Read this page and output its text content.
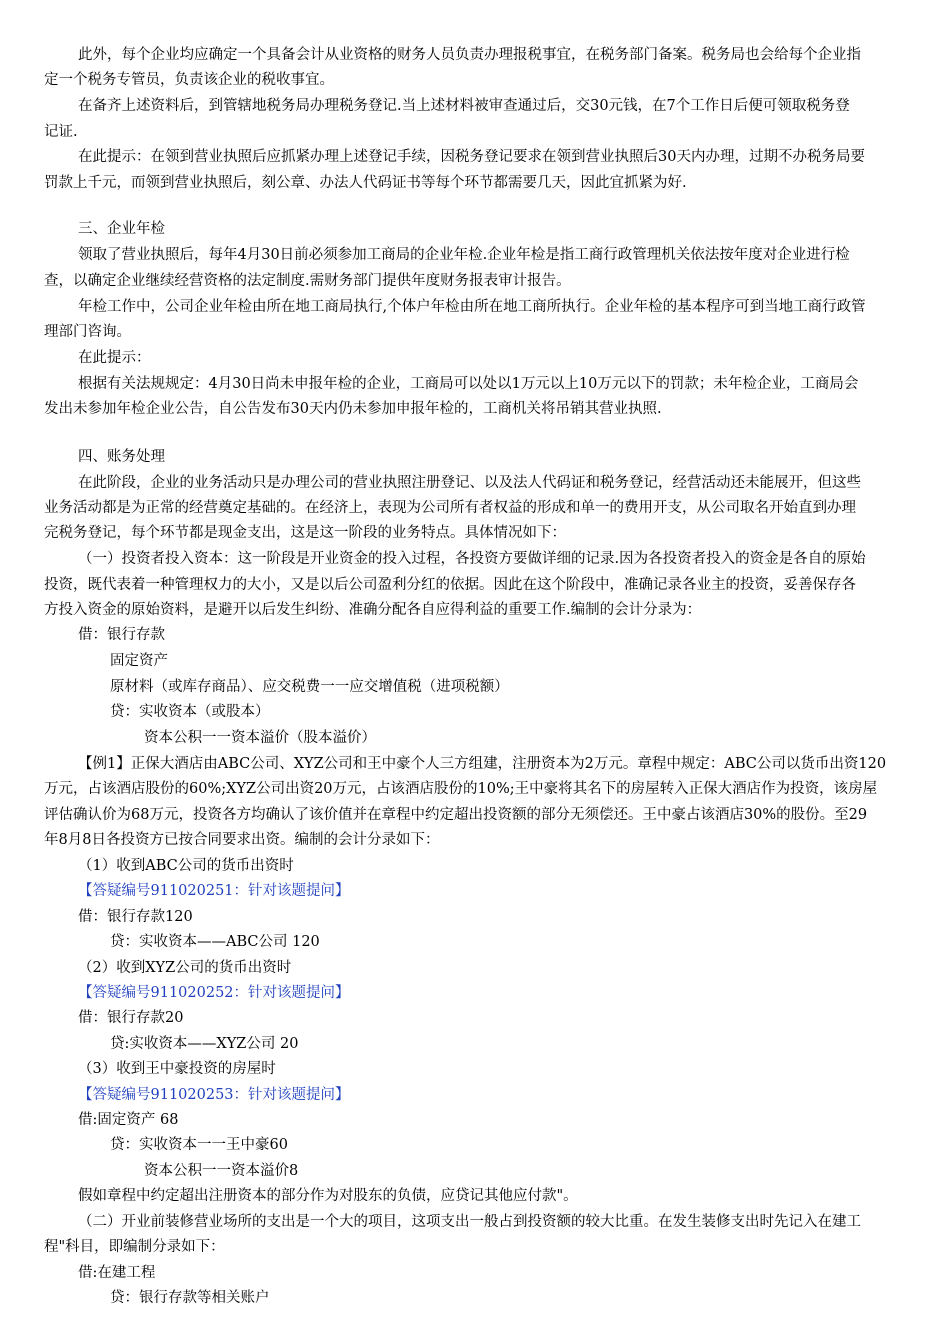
此外，每个企业均应确定一个具备会计从业资格的财务人员负责办理报税事宜，在税务部门备案。税务局也会给每个企业指
定一个税务专管员，负责该企业的税收事宜。
在备齐上述资料后，到管辖地税务局办理税务登记.当上述材料被审查通过后，交30元钱，在7个工作日后便可领取税务登
记证.
在此提示：在领到营业执照后应抓紧办理上述登记手续，因税务登记要求在领到营业执照后30天内办理，过期不办税务局要
罚款上千元，而领到营业执照后，刻公章、办法人代码证书等每个环节都需要几天，因此宜抓紧为好.
三、企业年检
领取了营业执照后，每年4月30日前必须参加工商局的企业年检.企业年检是指工商行政管理机关依法按年度对企业进行检
查，以确定企业继续经营资格的法定制度.需财务部门提供年度财务报表审计报告。
年检工作中，公司企业年检由所在地工商局执行,个体户年检由所在地工商所执行。企业年检的基本程序可到当地工商行政管
理部门咨询。
在此提示：
根据有关法规规定：4月30日尚未申报年检的企业，工商局可以处以1万元以上10万元以下的罚款；未年检企业，工商局会
发出未参加年检企业公告，自公告发布30天内仍未参加申报年检的，工商机关将吊销其营业执照.
四、账务处理
在此阶段，企业的业务活动只是办理公司的营业执照注册登记、以及法人代码证和税务登记，经营活动还未能展开，但这些
业务活动都是为正常的经营奠定基础的。在经济上，表现为公司所有者权益的形成和单一的费用开支，从公司取名开始直到办理
完税务登记，每个环节都是现金支出，这是这一阶段的业务特点。具体情况如下：
（一）投资者投入资本：这一阶段是开业资金的投入过程，各投资方要做详细的记录.因为各投资者投入的资金是各自的原始
投资，既代表着一种管理权力的大小，又是以后公司盈利分红的依据。因此在这个阶段中，准确记录各业主的投资，妥善保存各
方投入资金的原始资料，是避开以后发生纠纷、准确分配各自应得利益的重要工作.编制的会计分录为：
借：银行存款
固定资产
原材料（或库存商品）、应交税费一一应交增值税（进项税额）
贷：实收资本（或股本）
资本公积一一资本溢价（股本溢价）
【例1】正保大酒店由ABC公司、XYZ公司和王中豪个人三方组建，注册资本为2万元。章程中规定：ABC公司以货币出资120
万元，占该酒店股份的60%;XYZ公司出资20万元，占该酒店股份的10%;王中豪将其名下的房屋转入正保大酒店作为投资，该房屋
评估确认价为68万元，投资各方均确认了该价值并在章程中约定超出投资额的部分无须偿还。王中豪占该酒店30%的股份。至29
年8月8日各投资方已按合同要求出资。编制的会计分录如下：
（1）收到ABC公司的货币出资时
【答疑编号911020251：针对该题提问】
借：银行存款120
贷：实收资本——ABC公司 120
（2）收到XYZ公司的货币出资时
【答疑编号911020252：针对该题提问】
借：银行存款20
贷:实收资本——XYZ公司 20
（3）收到王中豪投资的房屋时
【答疑编号911020253：针对该题提问】
借:固定资产 68
贷：实收资本一一王中豪60
资本公积一一资本溢价8
假如章程中约定超出注册资本的部分作为对股东的负债，应贷记其他应付款"。
（二）开业前装修营业场所的支出是一个大的项目，这项支出一般占到投资额的较大比重。在发生装修支出时先记入在建工
程"科目，即编制分录如下：
借:在建工程
贷：银行存款等相关账户
